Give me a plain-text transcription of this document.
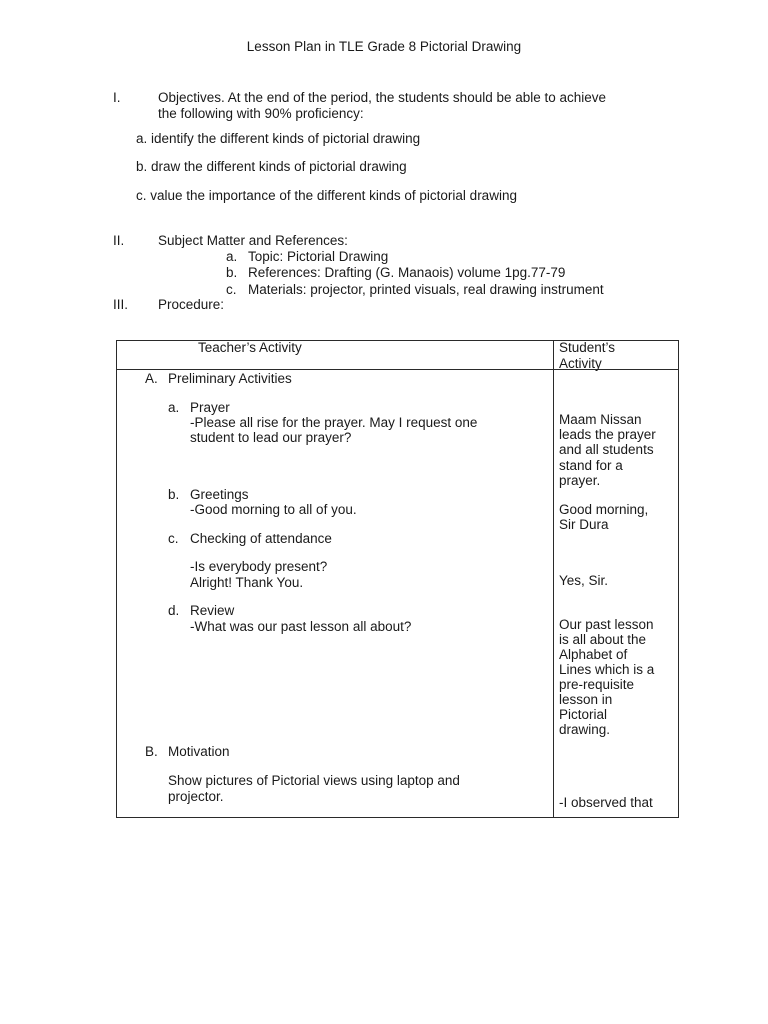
Lesson Plan in TLE Grade 8 Pictorial Drawing
I.	Objectives. At the end of the period, the students should be able to achieve
the following with 90% proficiency:
a. identify the different kinds of pictorial drawing
b. draw the different kinds of pictorial drawing
c. value the importance of the different kinds of pictorial drawing
II. Subject Matter and References:
a. Topic: Pictorial Drawing
b. References: Drafting (G. Manaois) volume 1pg.77-79
c. Materials: projector, printed visuals, real drawing instrument
III. Procedure:
Teacher’s Activity	Student’s
Activity
A. Preliminary Activities
a. Prayer
-Please all rise for the prayer. May I request one
student to lead our prayer?
b. Greetings
-Good morning to all of you.
c. Checking of attendance
-Is everybody present?
Alright! Thank You.
d. Review
-What was our past lesson all about?
B. Motivation
Show pictures of Pictorial views using laptop and
projector.
Maam Nissan
leads the prayer
and all students
stand for a
prayer.
Good morning,
Sir Dura
Yes, Sir.
Our past lesson
is all about the
Alphabet of
Lines which is a
pre-requisite
lesson in
Pictorial
drawing.
-I observed that
